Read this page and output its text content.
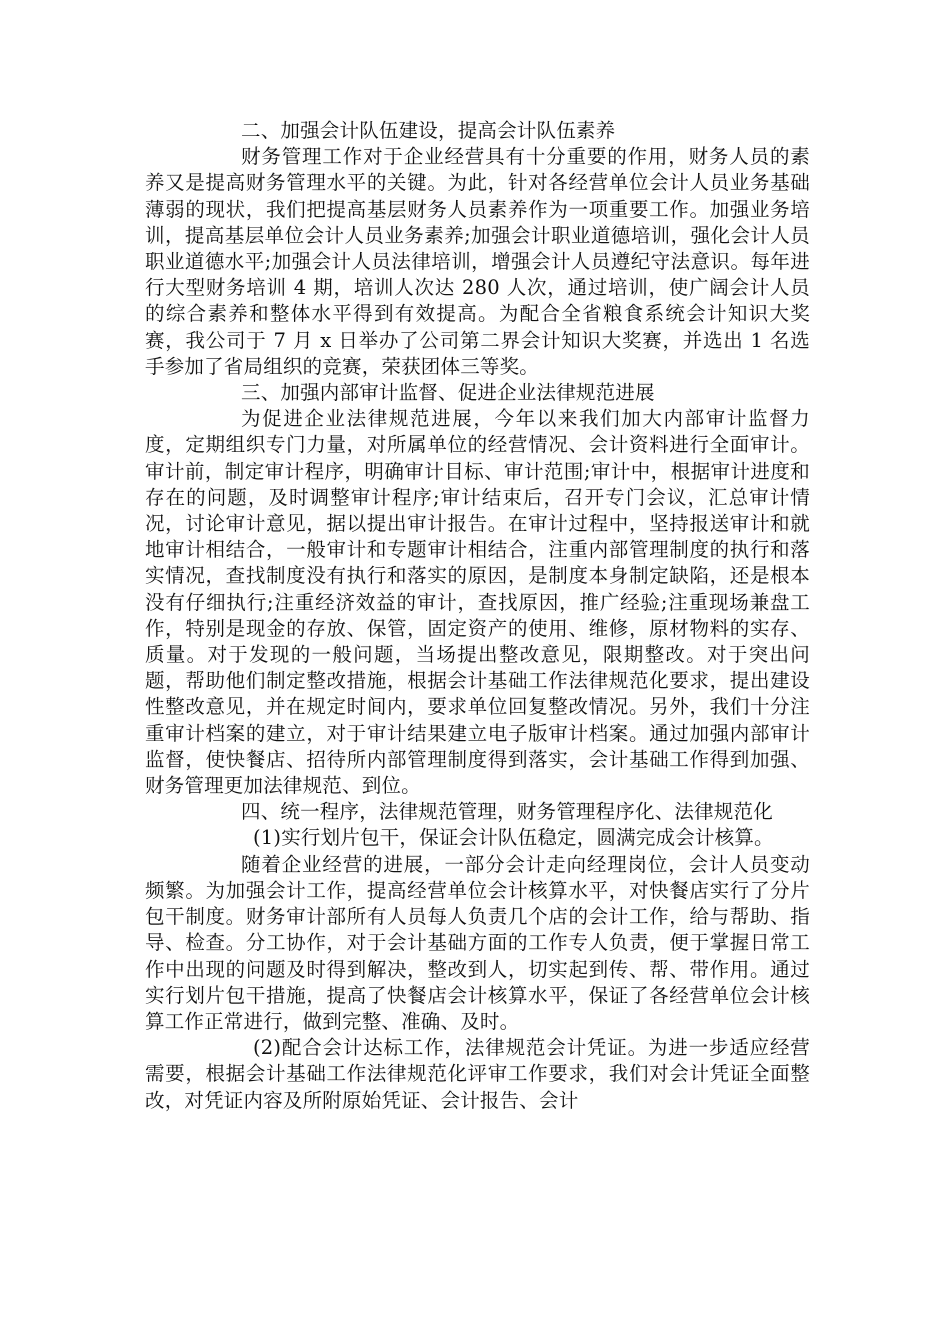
二、加强会计队伍建设，提高会计队伍素养

财务管理工作对于企业经营具有十分重要的作用，财务人员的素养又是提高财务管理水平的关键。为此，针对各经营单位会计人员业务基础薄弱的现状，我们把提高基层财务人员素养作为一项重要工作。加强业务培训，提高基层单位会计人员业务素养;加强会计职业道德培训，强化会计人员职业道德水平;加强会计人员法律培训，增强会计人员遵纪守法意识。每年进行大型财务培训 4 期，培训人次达 280 人次，通过培训，使广阔会计人员的综合素养和整体水平得到有效提高。为配合全省粮食系统会计知识大奖赛，我公司于 7 月 x 日举办了公司第二界会计知识大奖赛，并选出 1 名选手参加了省局组织的竞赛，荣获团体三等奖。

三、加强内部审计监督、促进企业法律规范进展

为促进企业法律规范进展，今年以来我们加大内部审计监督力度，定期组织专门力量，对所属单位的经营情况、会计资料进行全面审计。审计前，制定审计程序，明确审计目标、审计范围;审计中，根据审计进度和存在的问题，及时调整审计程序;审计结束后，召开专门会议，汇总审计情况，讨论审计意见，据以提出审计报告。在审计过程中，坚持报送审计和就地审计相结合，一般审计和专题审计相结合，注重内部管理制度的执行和落实情况，查找制度没有执行和落实的原因，是制度本身制定缺陷，还是根本没有仔细执行;注重经济效益的审计，查找原因，推广经验;注重现场兼盘工作，特别是现金的存放、保管，固定资产的使用、维修，原材物料的实存、质量。对于发现的一般问题，当场提出整改意见，限期整改。对于突出问题，帮助他们制定整改措施，根据会计基础工作法律规范化要求，提出建设性整改意见，并在规定时间内，要求单位回复整改情况。另外，我们十分注重审计档案的建立，对于审计结果建立电子版审计档案。通过加强内部审计监督，使快餐店、招待所内部管理制度得到落实，会计基础工作得到加强、财务管理更加法律规范、到位。

四、统一程序，法律规范管理，财务管理程序化、法律规范化

(1)实行划片包干，保证会计队伍稳定，圆满完成会计核算。

随着企业经营的进展，一部分会计走向经理岗位，会计人员变动频繁。为加强会计工作，提高经营单位会计核算水平，对快餐店实行了分片包干制度。财务审计部所有人员每人负责几个店的会计工作，给与帮助、指导、检查。分工协作，对于会计基础方面的工作专人负责，便于掌握日常工作中出现的问题及时得到解决，整改到人，切实起到传、帮、带作用。通过实行划片包干措施，提高了快餐店会计核算水平，保证了各经营单位会计核算工作正常进行，做到完整、准确、及时。

(2)配合会计达标工作，法律规范会计凭证。为进一步适应经营需要，根据会计基础工作法律规范化评审工作要求，我们对会计凭证全面整改，对凭证内容及所附原始凭证、会计报告、会计
